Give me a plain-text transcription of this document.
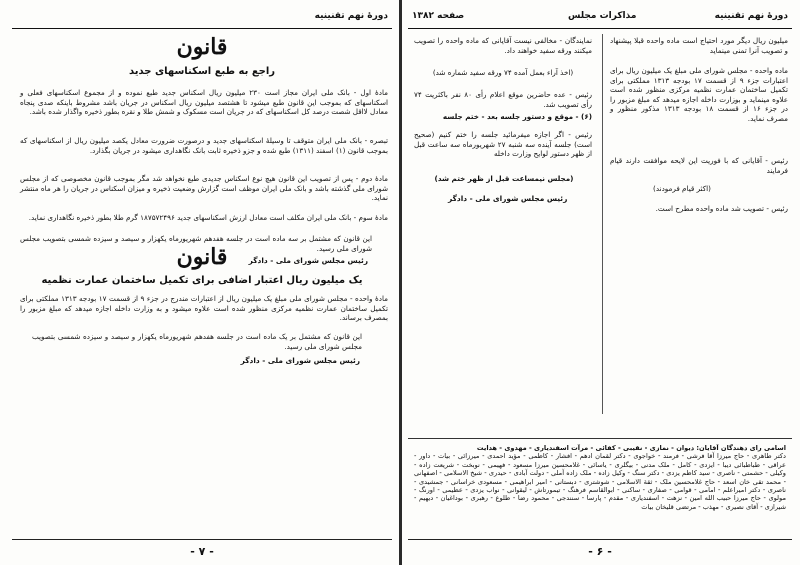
دورهٔ نهم تقنینیه
قانون
راجع به طبع اسکناسهای جدید
مادهٔ اول - بانک ملی ایران مجاز است ۲۳۰ میلیون ریال اسکناس جدید طبع نموده و از مجموع اسکناسهای فعلی و اسکناسهای که بموجب این قانون طبع میشود تا هشتصد میلیون ریال اسکناس در جریان باشد مشروط باینکه صدی پنجاه معادل لااقل شصت درصد کل اسکناسهای که در جریان است مسکوک و شمش طلا و نقره بطور ذخیره واگذار شده باشد.
تبصره - بانک ملی ایران متوقف تا وسیلهٔ اسکناسهای جدید و درصورت ضرورت معادل یکصد میلیون ریال از اسکناسهای که بموجب قانون (۱) اسفند (۱۳۱۱) طبع شده و جزو ذخیره ثابت بانک نگاهداری میشود در جریان بگذارد.
مادهٔ دوم - پس از تصویب این قانون هیچ نوع اسکناس جدیدی طبع نخواهد شد مگر بموجب قانون مخصوصی که از مجلس شورای ملی گذشته باشد و بانک ملی ایران موظف است گزارش وضعیت ذخیره و میزان اسکناس در جریان را هر ماه منتشر نماید.
مادهٔ سوم - بانک ملی ایران مکلف است معادل ارزش اسکناسهای جدید ۱۸۷۵۷۲۴۹۶ گرم طلا بطور ذخیره نگاهداری نماید.
این قانون که مشتمل بر سه ماده است در جلسه هفدهم شهریورماه یکهزار و سیصد و سیزده شمسی بتصویب مجلس شورای ملی رسید.
رئیس مجلس شورای ملی - دادگر
قانون
یک میلیون ریال اعتبار اضافی برای تکمیل ساختمان عمارت نظمیه
مادهٔ واحده - مجلس شورای ملی مبلغ یک میلیون ریال از اعتبارات مندرج در جزء ۹ از قسمت ۱۷ بودجه ۱۳۱۳ مملکتی برای تکمیل ساختمان عمارت نظمیه مرکزی منظور شده است علاوه میشود و به وزارت داخله اجازه میدهد که مبلغ مزبور را بمصرف برساند.
این قانون که مشتمل بر یک ماده است در جلسه هفدهم شهریورماه یکهزار و سیصد و سیزده شمسی بتصویب مجلس شورای ملی رسید.
رئیس مجلس شورای ملی - دادگر
- ۷ -
دورهٔ نهم تقنینیه
مذاکرات مجلس
صفحه ۱۳۸۲
میلیون ریال دیگر مورد احتیاج است ماده واحده قبلا پیشنهاد و تصویب آنرا تمنی مینماید
ماده واحده - مجلس شورای ملی مبلغ یک میلیون ریال برای اعتبارات جزء ۹ از قسمت ۱۷ بودجه ۱۳۱۳ مملکتی برای تکمیل ساختمان عمارت نظمیه مرکزی منظور شده است علاوه مینماید و بوزارت داخله اجازه میدهد که مبلغ مزبور را در جزء ۱۶ از قسمت ۱۸ بودجه ۱۳۱۳ مذکور منظور و مصرف نماید.
رئیس - آقایانی که با فوریت این لایحه موافقت دارند قیام فرمایند
(اکثر قیام فرمودند)
رئیس - تصویب شد ماده واحده مطرح است.
نمایندگان - مخالفی نیست آقایانی که ماده واحده را تصویب میکنند ورقه سفید خواهند داد.
(اخذ آراء بعمل آمده ۷۴ ورقه سفید شماره شد)
رئیس - عده حاضرین موقع اعلام رأی ۸۰ نفر باکثریت ۷۴ رأی تصویب شد.
(۶) - موقع و دستور جلسه بعد - ختم جلسه
رئیس - اگر اجازه میفرمائید جلسه را ختم کنیم (صحیح است) جلسه آینده سه شنبه ۲۷ شهریورماه سه ساعت قبل از ظهر دستور لوایح وزارت داخله
(مجلس نیمساعت قبل از ظهر ختم شد)
رئیس مجلس شورای ملی - دادگر
اسامی رای دهندگان آقایان: دیوان - نمازی - نقیبی - کفائی - مرآت اسفندیاری - مهدوی - هدایت
دکتر طاهری - حاج میرزا آقا فرشی - فرمند - خواجوی - دکتر لقمان ادهم - افشار - کاظمی - مؤید احمدی - میرزائی - بیات - داور - عراقی - طباطبائی دیبا - ایزدی - کامل - ملک مدنی - بیگلری - یاسائی - غلامحسین میرزا مسعود - فهیمی - نوبخت - شریعت زاده - وکیلی - حشمتی - ناصری - سید کاظم یزدی - دکتر سنگ - وکیل زاده - ملک زاده آملی - دولت آبادی - حیدری - شیخ الاسلامی - اصفهانی - محمد تقی خان اسعد - حاج غلامحسین ملک - ثقة الاسلامی - شوشتری - دبستانی - امیر ابراهیمی - مسعودی خراسانی - جمشیدی - ناصری - دکتر امیراعلم - امامی - قوامی - صفاری - ساکنی - ابوالقاسم فرهنگ - تیمورتاش - لیقوانی - نواب یزدی - عظیمی - اورنگ - مولوی - حاج میرزا حبیب الله امین - نزهت - اسفندیاری - مقدم - پارسا - سنندجی - محمود رضا - طلوع - رهبری - بوداغیان - دیهیم - شیرازی - آقای نصیری - مهذب - مرتضی قلیخان بیات
- ۶ -
